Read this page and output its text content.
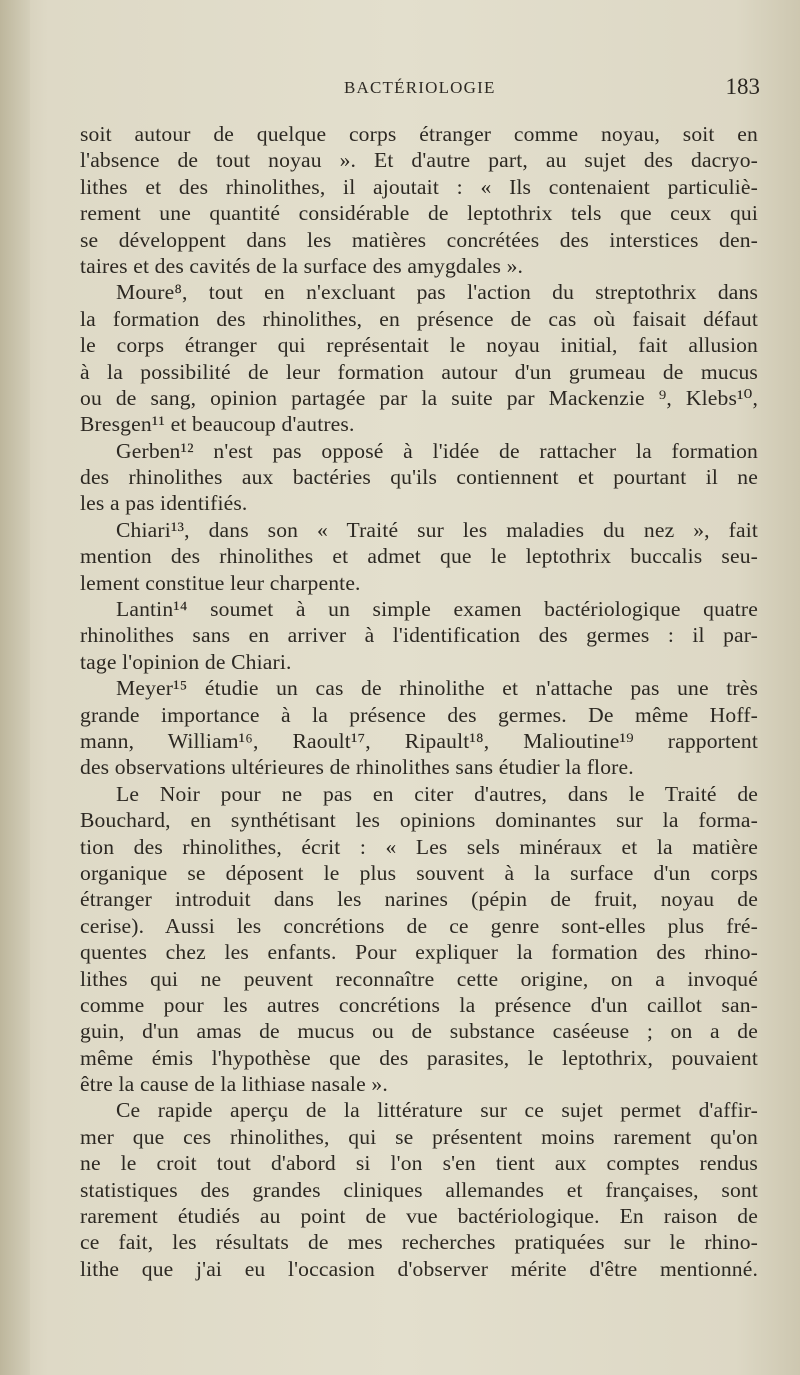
BACTÉRIOLOGIE	183

soit autour de quelque corps étranger comme noyau, soit en
l'absence de tout noyau ». Et d'autre part, au sujet des dacryo-
lithes et des rhinolithes, il ajoutait : « Ils contenaient particuliè-
rement une quantité considérable de leptothrix tels que ceux qui
se développent dans les matières concrétées des interstices den-
taires et des cavités de la surface des amygdales ».

Moure⁸, tout en n'excluant pas l'action du streptothrix dans
la formation des rhinolithes, en présence de cas où faisait défaut
le corps étranger qui représentait le noyau initial, fait allusion
à la possibilité de leur formation autour d'un grumeau de mucus
ou de sang, opinion partagée par la suite par Mackenzie ⁹, Klebs¹⁰,
Bresgen¹¹ et beaucoup d'autres.

Gerben¹² n'est pas opposé à l'idée de rattacher la formation
des rhinolithes aux bactéries qu'ils contiennent et pourtant il ne
les a pas identifiés.

Chiari¹³, dans son « Traité sur les maladies du nez », fait
mention des rhinolithes et admet que le leptothrix buccalis seu-
lement constitue leur charpente.

Lantin¹⁴ soumet à un simple examen bactériologique quatre
rhinolithes sans en arriver à l'identification des germes : il par-
tage l'opinion de Chiari.

Meyer¹⁵ étudie un cas de rhinolithe et n'attache pas une très
grande importance à la présence des germes. De même Hoff-
mann, William¹⁶, Raoult¹⁷, Ripault¹⁸, Malioutine¹⁹ rapportent
des observations ultérieures de rhinolithes sans étudier la flore.

Le Noir pour ne pas en citer d'autres, dans le Traité de
Bouchard, en synthétisant les opinions dominantes sur la forma-
tion des rhinolithes, écrit : « Les sels minéraux et la matière
organique se déposent le plus souvent à la surface d'un corps
étranger introduit dans les narines (pépin de fruit, noyau de
cerise). Aussi les concrétions de ce genre sont-elles plus fré-
quentes chez les enfants. Pour expliquer la formation des rhino-
lithes qui ne peuvent reconnaître cette origine, on a invoqué
comme pour les autres concrétions la présence d'un caillot san-
guin, d'un amas de mucus ou de substance caséeuse ; on a de
même émis l'hypothèse que des parasites, le leptothrix, pouvaient
être la cause de la lithiase nasale ».

Ce rapide aperçu de la littérature sur ce sujet permet d'affir-
mer que ces rhinolithes, qui se présentent moins rarement qu'on
ne le croit tout d'abord si l'on s'en tient aux comptes rendus
statistiques des grandes cliniques allemandes et françaises, sont
rarement étudiés au point de vue bactériologique. En raison de
ce fait, les résultats de mes recherches pratiquées sur le rhino-
lithe que j'ai eu l'occasion d'observer mérite d'être mentionné.
